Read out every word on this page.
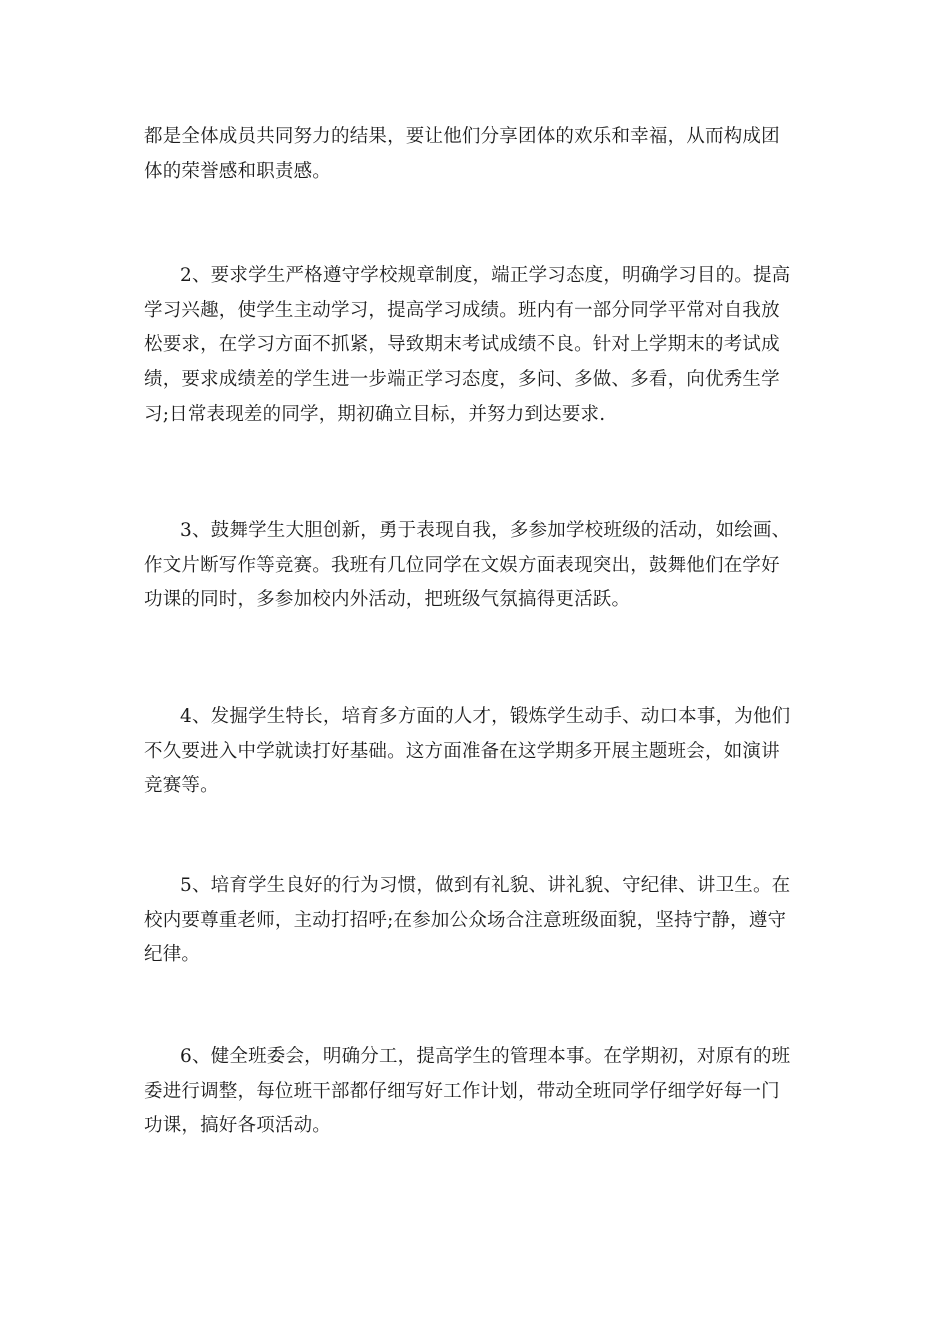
都是全体成员共同努力的结果，要让他们分享团体的欢乐和幸福，从而构成团
体的荣誉感和职责感。

2、要求学生严格遵守学校规章制度，端正学习态度，明确学习目的。提高
学习兴趣，使学生主动学习，提高学习成绩。班内有一部分同学平常对自我放
松要求，在学习方面不抓紧，导致期末考试成绩不良。针对上学期末的考试成
绩，要求成绩差的学生进一步端正学习态度，多问、多做、多看，向优秀生学
习;日常表现差的同学，期初确立目标，并努力到达要求.

3、鼓舞学生大胆创新，勇于表现自我，多参加学校班级的活动，如绘画、
作文片断写作等竞赛。我班有几位同学在文娱方面表现突出，鼓舞他们在学好
功课的同时，多参加校内外活动，把班级气氛搞得更活跃。

4、发掘学生特长，培育多方面的人才，锻炼学生动手、动口本事，为他们
不久要进入中学就读打好基础。这方面准备在这学期多开展主题班会，如演讲
竞赛等。

5、培育学生良好的行为习惯，做到有礼貌、讲礼貌、守纪律、讲卫生。在
校内要尊重老师，主动打招呼;在参加公众场合注意班级面貌，坚持宁静，遵守
纪律。

6、健全班委会，明确分工，提高学生的管理本事。在学期初，对原有的班
委进行调整，每位班干部都仔细写好工作计划，带动全班同学仔细学好每一门
功课，搞好各项活动。
